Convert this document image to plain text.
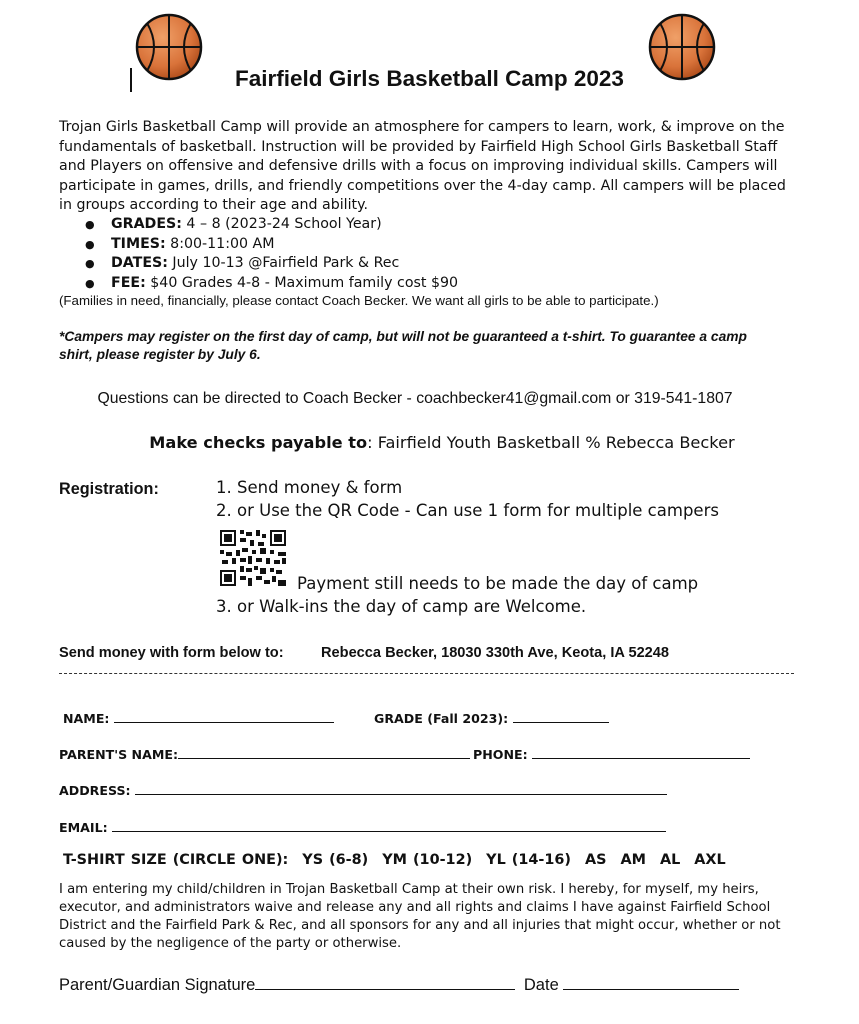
Fairfield Girls Basketball Camp 2023
Trojan Girls Basketball Camp will provide an atmosphere for campers to learn, work, & improve on the fundamentals of basketball. Instruction will be provided by Fairfield High School Girls Basketball Staff and Players on offensive and defensive drills with a focus on improving individual skills. Campers will participate in games, drills, and friendly competitions over the 4-day camp. All campers will be placed in groups according to their age and ability.
● GRADES: 4 – 8 (2023-24 School Year)
● TIMES: 8:00-11:00 AM
● DATES: July 10-13 @Fairfield Park & Rec
● FEE: $40 Grades 4-8 - Maximum family cost $90
(Families in need, financially, please contact Coach Becker. We want all girls to be able to participate.)
*Campers may register on the first day of camp, but will not be guaranteed a t-shirt. To guarantee a camp shirt, please register by July 6.
Questions can be directed to Coach Becker - coachbecker41@gmail.com or 319-541-1807
Make checks payable to: Fairfield Youth Basketball % Rebecca Becker
Registration:	1. Send money & form
2. or Use the QR Code - Can use 1 form for multiple campers
Payment still needs to be made the day of camp
3. or Walk-ins the day of camp are Welcome.
Send money with form below to:	Rebecca Becker, 18030 330th Ave, Keota, IA 52248
NAME:	GRADE (Fall 2023):
PARENT'S NAME:	PHONE:
ADDRESS:
EMAIL:
T-SHIRT SIZE (CIRCLE ONE): YS (6-8) YM (10-12) YL (14-16) AS AM AL AXL
I am entering my child/children in Trojan Basketball Camp at their own risk. I hereby, for myself, my heirs, executor, and administrators waive and release any and all rights and claims I have against Fairfield School District and the Fairfield Park & Rec, and all sponsors for any and all injuries that might occur, whether or not caused by the negligence of the party or otherwise.
Parent/Guardian Signature	Date
